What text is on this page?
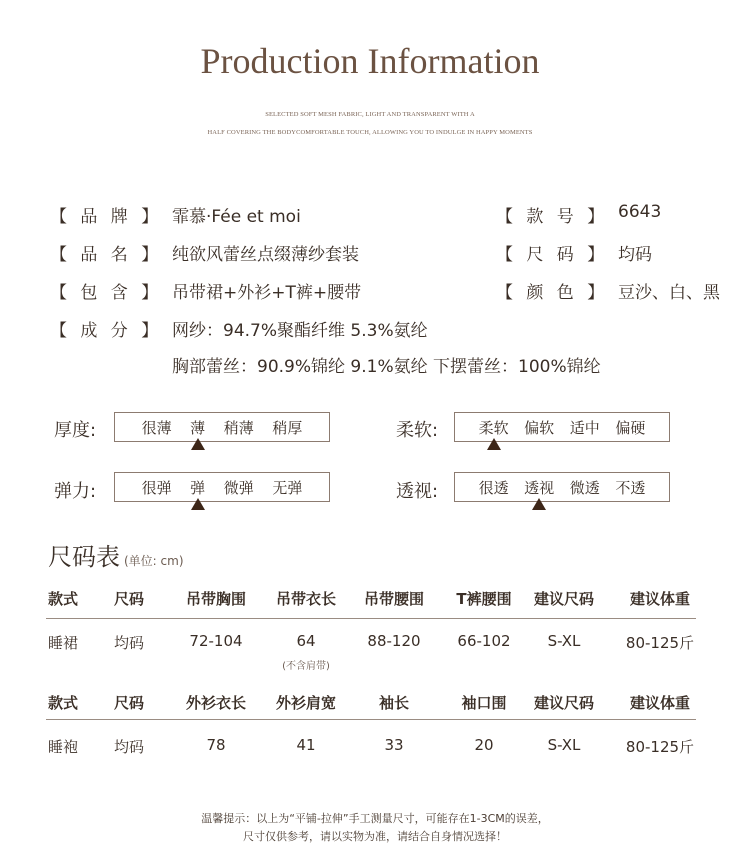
Production Information
SELECTED SOFT MESH FABRIC, LIGHT AND TRANSPARENT WITH A
HALF COVERING THE BODYCOMFORTABLE TOUCH, ALLOWING YOU TO INDULGE IN HAPPY MOMENTS
【 品 牌 】 霏慕·Fée et moi	【 款 号 】 6643
【 品 名 】 纯欲风蕾丝点缀薄纱套装	【 尺 码 】 均码
【 包 含 】 吊带裙+外衫+T裤+腰带	【 颜 色 】 豆沙、白、黑
【 成 分 】 网纱：94.7%聚酯纤维 5.3%氨纶
胸部蕾丝：90.9%锦纶 9.1%氨纶 下摆蕾丝：100%锦纶
厚度:	很薄 薄 稍薄 稍厚	柔软:	柔软 偏软 适中 偏硬
弹力:	很弹 弹 微弹 无弹	透视:	很透 透视 微透 不透
尺码表 (单位: cm)
款式	尺码	吊带胸围	吊带衣长	吊带腰围	T裤腰围	建议尺码	建议体重
睡裙	均码	72-104	64	88-120	66-102	S-XL	80-125斤
(不含肩带)
款式	尺码	外衫衣长	外衫肩宽	袖长	袖口围	建议尺码	建议体重
睡袍	均码	78	41	33	20	S-XL	80-125斤
温馨提示：以上为“平铺-拉伸”手工测量尺寸，可能存在1-3CM的误差，
尺寸仅供参考，请以实物为准，请结合自身情况选择！
